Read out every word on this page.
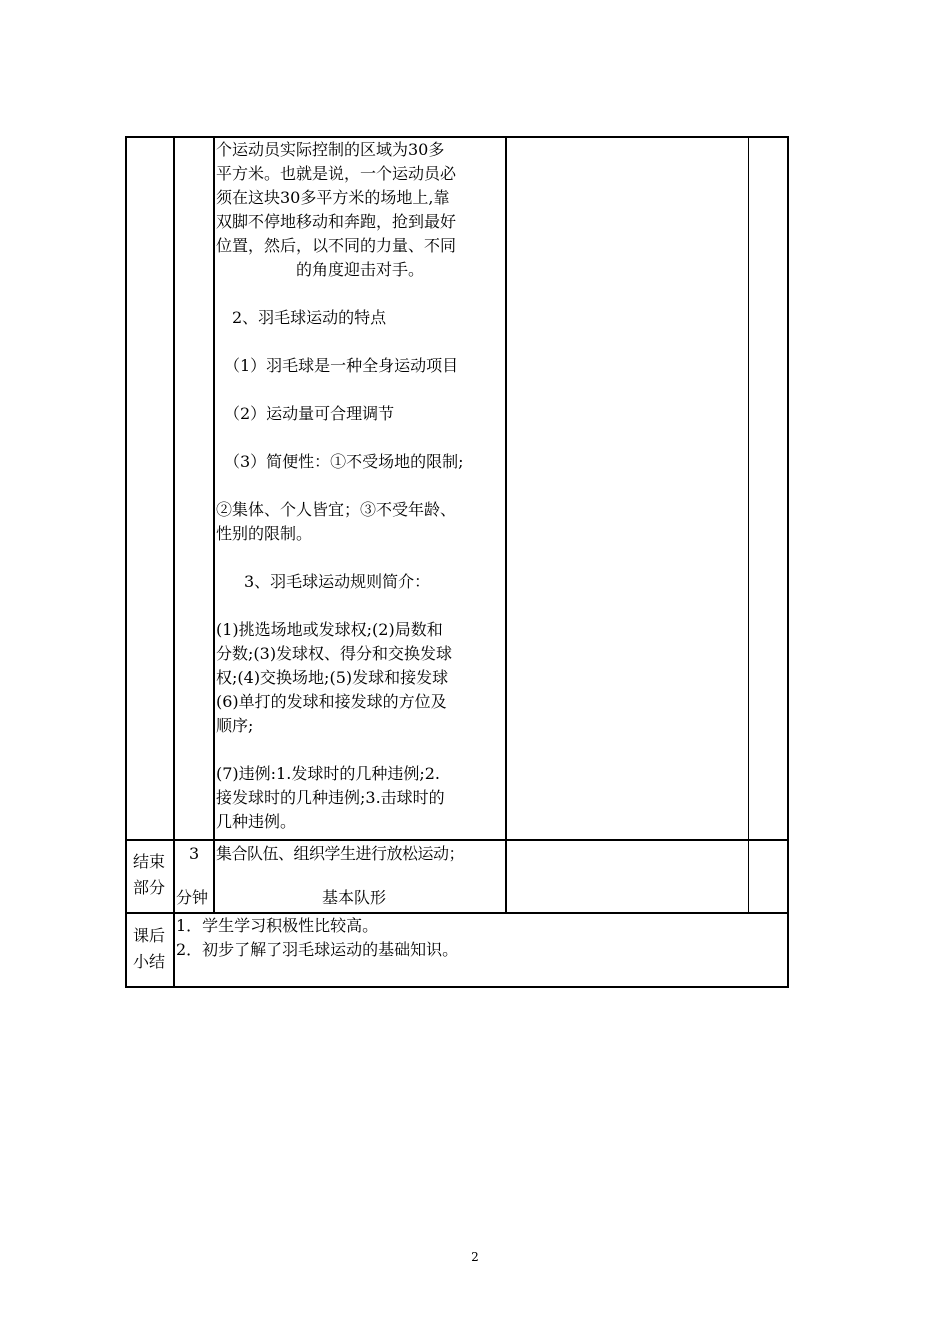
个运动员实际控制的区域为30多

平方米。也就是说，一个运动员必

须在这块30多平方米的场地上,靠

双脚不停地移动和奔跑，抢到最好

位置，然后，以不同的力量、不同

的角度迎击对手。

2、羽毛球运动的特点

（1）羽毛球是一种全身运动项目

（2）运动量可合理调节

（3）简便性：①不受场地的限制;

②集体、个人皆宜；③不受年龄、

性别的限制。

3、羽毛球运动规则简介：

(1)挑选场地或发球权;(2)局数和

分数;(3)发球权、得分和交换发球

权;(4)交换场地;(5)发球和接发球

(6)单打的发球和接发球的方位及

顺序;

(7)违例:1.发球时的几种违例;2.

接发球时的几种违例;3.击球时的

几种违例。

结束
部分
3
分钟
集合队伍、组织学生进行放松运动；
基本队形
课后
小结
1．学生学习积极性比较高。
2．初步了解了羽毛球运动的基础知识。
2
